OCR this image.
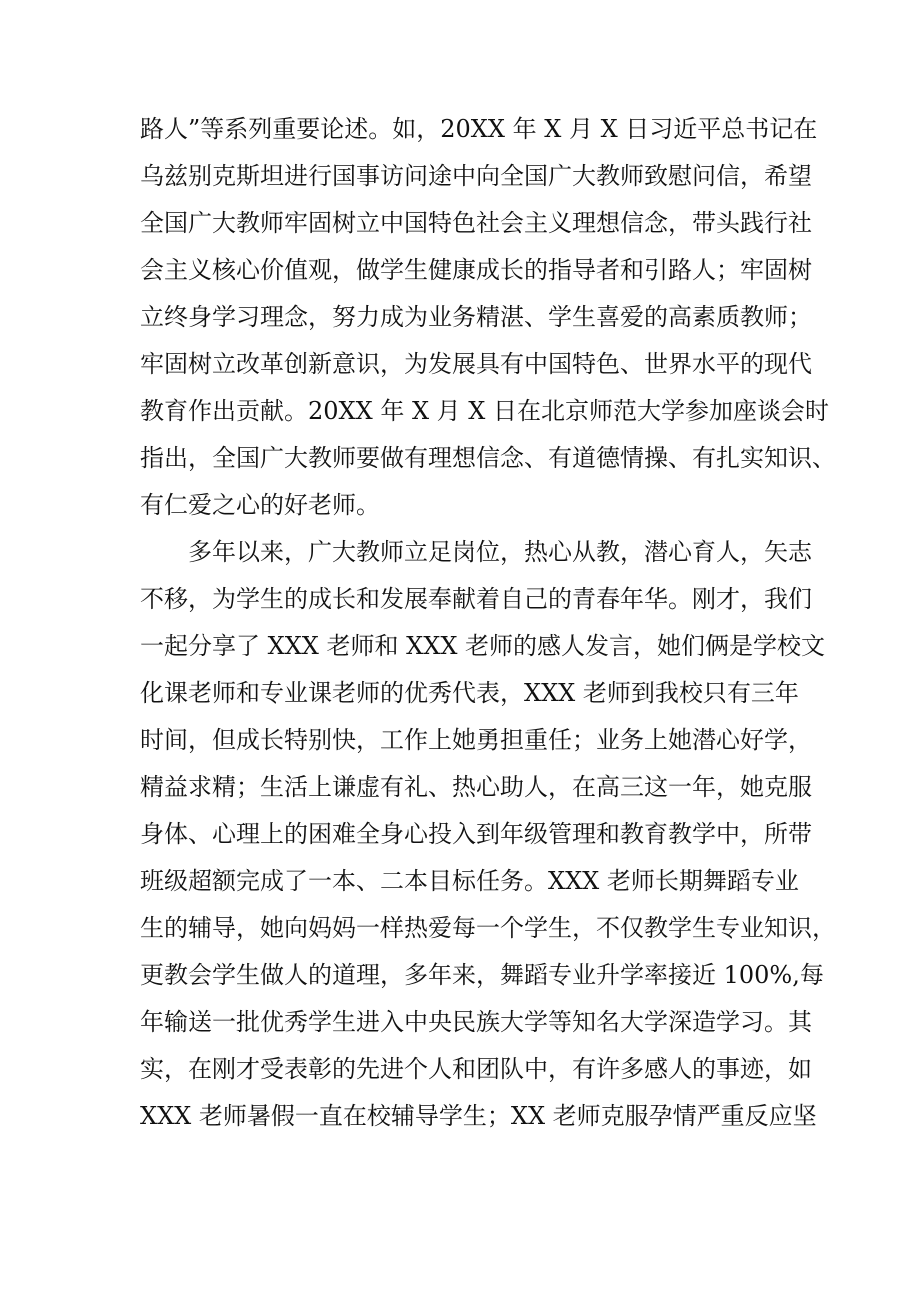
路人”等系列重要论述。如，20XX 年 X 月 X 日习近平总书记在
乌兹别克斯坦进行国事访问途中向全国广大教师致慰问信，希望
全国广大教师牢固树立中国特色社会主义理想信念，带头践行社
会主义核心价值观，做学生健康成长的指导者和引路人；牢固树
立终身学习理念，努力成为业务精湛、学生喜爱的高素质教师；
牢固树立改革创新意识，为发展具有中国特色、世界水平的现代
教育作出贡献。20XX 年 X 月 X 日在北京师范大学参加座谈会时
指出，全国广大教师要做有理想信念、有道德情操、有扎实知识、
有仁爱之心的好老师。
多年以来，广大教师立足岗位，热心从教，潜心育人，矢志
不移，为学生的成长和发展奉献着自己的青春年华。刚才，我们
一起分享了 XXX 老师和 XXX 老师的感人发言，她们俩是学校文
化课老师和专业课老师的优秀代表，XXX 老师到我校只有三年
时间，但成长特别快，工作上她勇担重任；业务上她潜心好学，
精益求精；生活上谦虚有礼、热心助人，在高三这一年，她克服
身体、心理上的困难全身心投入到年级管理和教育教学中，所带
班级超额完成了一本、二本目标任务。XXX 老师长期舞蹈专业
生的辅导，她向妈妈一样热爱每一个学生，不仅教学生专业知识，
更教会学生做人的道理，多年来，舞蹈专业升学率接近 100%,每
年输送一批优秀学生进入中央民族大学等知名大学深造学习。其
实，在刚才受表彰的先进个人和团队中，有许多感人的事迹，如
XXX 老师暑假一直在校辅导学生；XX 老师克服孕情严重反应坚
